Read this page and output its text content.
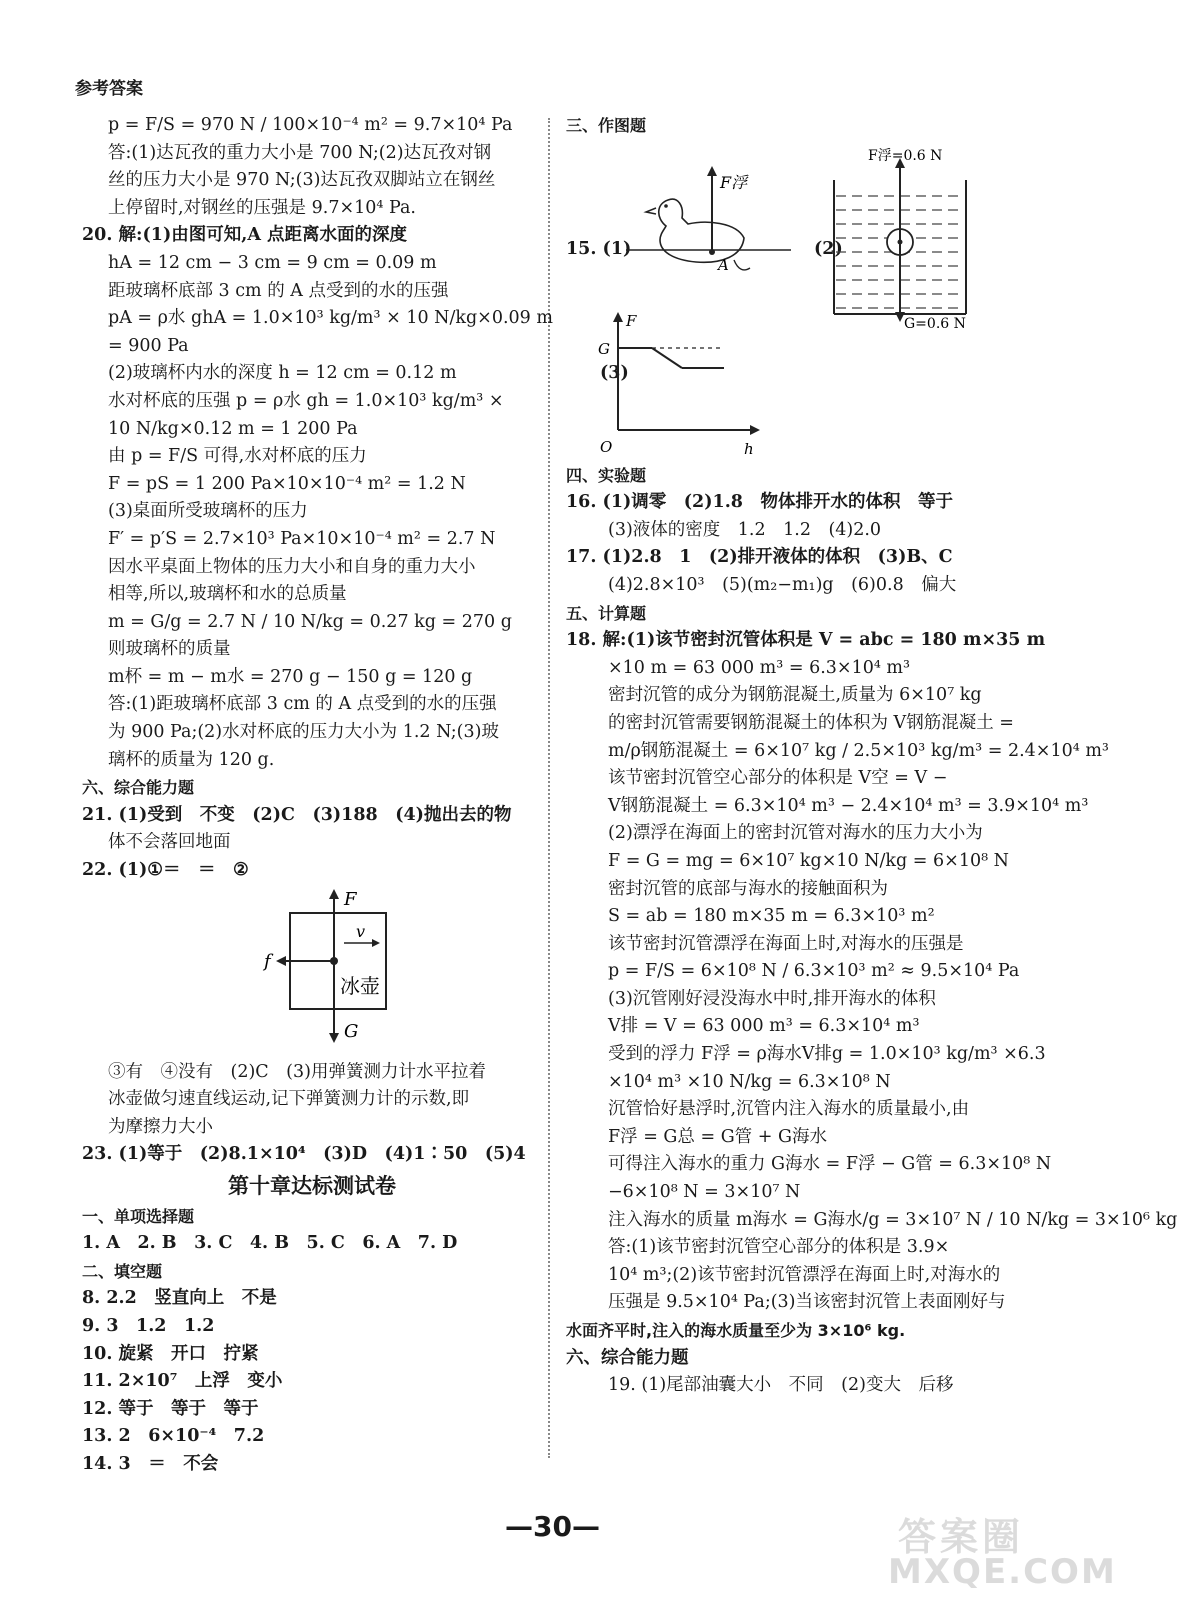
参考答案
p = F/S = 970 N / 100×10⁻⁴ m² = 9.7×10⁴ Pa
答:(1)达瓦孜的重力大小是 700 N;(2)达瓦孜对钢
丝的压力大小是 970 N;(3)达瓦孜双脚站立在钢丝
上停留时,对钢丝的压强是 9.7×10⁴ Pa.
20. 解:(1)由图可知,A 点距离水面的深度
hA = 12 cm − 3 cm = 9 cm = 0.09 m
距玻璃杯底部 3 cm 的 A 点受到的水的压强
pA = ρ水 ghA = 1.0×10³ kg/m³ × 10 N/kg×0.09 m
= 900 Pa
(2)玻璃杯内水的深度 h = 12 cm = 0.12 m
水对杯底的压强 p = ρ水 gh = 1.0×10³ kg/m³ ×
10 N/kg×0.12 m = 1 200 Pa
由 p = F/S 可得,水对杯底的压力
F = pS = 1 200 Pa×10×10⁻⁴ m² = 1.2 N
(3)桌面所受玻璃杯的压力
F′ = p′S = 2.7×10³ Pa×10×10⁻⁴ m² = 2.7 N
因水平桌面上物体的压力大小和自身的重力大小
相等,所以,玻璃杯和水的总质量
m = G/g = 2.7 N / 10 N/kg = 0.27 kg = 270 g
则玻璃杯的质量
m杯 = m − m水 = 270 g − 150 g = 120 g
答:(1)距玻璃杯底部 3 cm 的 A 点受到的水的压强
为 900 Pa;(2)水对杯底的压力大小为 1.2 N;(3)玻
璃杯的质量为 120 g.
六、综合能力题
21. (1)受到　不变　(2)C　(3)188　(4)抛出去的物
体不会落回地面
22. (1)①＝　＝　②
F
v
f
冰壶
G
③有　④没有　(2)C　(3)用弹簧测力计水平拉着
冰壶做匀速直线运动,记下弹簧测力计的示数,即
为摩擦力大小
23. (1)等于　(2)8.1×10⁴　(3)D　(4)1∶50　(5)4
第十章达标测试卷
一、单项选择题
1. A　2. B　3. C　4. B　5. C　6. A　7. D
二、填空题
8. 2.2　竖直向上　不是
9. 3　1.2　1.2
10. 旋紧　开口　拧紧
11. 2×10⁷　上浮　变小
12. 等于　等于　等于
13. 2　6×10⁻⁴　7.2
14. 3　＝　不会
三、作图题
15. (1)
F浮
A
(2)
F浮=0.6 N
G=0.6 N
(3)
G
F
O	h
四、实验题
16. (1)调零　(2)1.8　物体排开水的体积　等于
(3)液体的密度　1.2　1.2　(4)2.0
17. (1)2.8　1　(2)排开液体的体积　(3)B、C
(4)2.8×10³　(5)(m₂−m₁)g　(6)0.8　偏大
五、计算题
18. 解:(1)该节密封沉管体积是 V = abc = 180 m×35 m
×10 m = 63 000 m³ = 6.3×10⁴ m³
密封沉管的成分为钢筋混凝土,质量为 6×10⁷ kg
的密封沉管需要钢筋混凝土的体积为 V钢筋混凝土 =
m/ρ钢筋混凝土 = 6×10⁷ kg / 2.5×10³ kg/m³ = 2.4×10⁴ m³
该节密封沉管空心部分的体积是 V空 = V −
V钢筋混凝土 = 6.3×10⁴ m³ − 2.4×10⁴ m³ = 3.9×10⁴ m³
(2)漂浮在海面上的密封沉管对海水的压力大小为
F = G = mg = 6×10⁷ kg×10 N/kg = 6×10⁸ N
密封沉管的底部与海水的接触面积为
S = ab = 180 m×35 m = 6.3×10³ m²
该节密封沉管漂浮在海面上时,对海水的压强是
p = F/S = 6×10⁸ N / 6.3×10³ m² ≈ 9.5×10⁴ Pa
(3)沉管刚好浸没海水中时,排开海水的体积
V排 = V = 63 000 m³ = 6.3×10⁴ m³
受到的浮力 F浮 = ρ海水V排g = 1.0×10³ kg/m³ ×6.3
×10⁴ m³ ×10 N/kg = 6.3×10⁸ N
沉管恰好悬浮时,沉管内注入海水的质量最小,由
F浮 = G总 = G管 + G海水
可得注入海水的重力 G海水 = F浮 − G管 = 6.3×10⁸ N
−6×10⁸ N = 3×10⁷ N
注入海水的质量 m海水 = G海水/g = 3×10⁷ N / 10 N/kg = 3×10⁶ kg
答:(1)该节密封沉管空心部分的体积是 3.9×
10⁴ m³;(2)该节密封沉管漂浮在海面上时,对海水的
压强是 9.5×10⁴ Pa;(3)当该密封沉管上表面刚好与
水面齐平时,注入的海水质量至少为 3×10⁶ kg.
六、综合能力题
19. (1)尾部油囊大小　不同　(2)变大　后移
—30—	答案圈
MXQE.COM
